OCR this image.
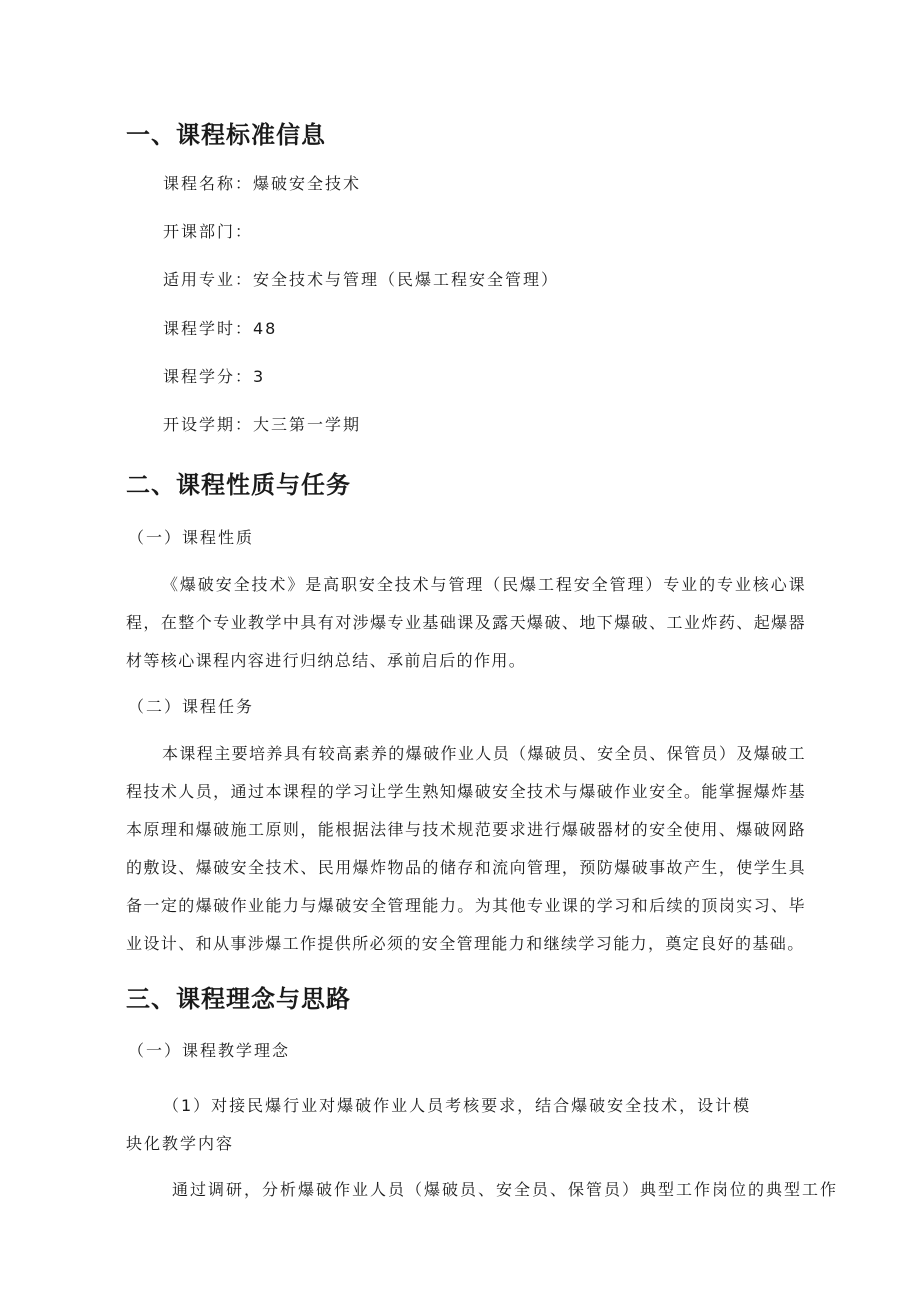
一、课程标准信息

课程名称：爆破安全技术

开课部门：

适用专业：安全技术与管理（民爆工程安全管理）

课程学时：48

课程学分：3

开设学期：大三第一学期

二、课程性质与任务

（一）课程性质

《爆破安全技术》是高职安全技术与管理（民爆工程安全管理）专业的专业核心课程，在整个专业教学中具有对涉爆专业基础课及露天爆破、地下爆破、工业炸药、起爆器材等核心课程内容进行归纳总结、承前启后的作用。

（二）课程任务

本课程主要培养具有较高素养的爆破作业人员（爆破员、安全员、保管员）及爆破工程技术人员，通过本课程的学习让学生熟知爆破安全技术与爆破作业安全。能掌握爆炸基本原理和爆破施工原则，能根据法律与技术规范要求进行爆破器材的安全使用、爆破网路的敷设、爆破安全技术、民用爆炸物品的储存和流向管理，预防爆破事故产生，使学生具备一定的爆破作业能力与爆破安全管理能力。为其他专业课的学习和后续的顶岗实习、毕业设计、和从事涉爆工作提供所必须的安全管理能力和继续学习能力，奠定良好的基础。

三、课程理念与思路

（一）课程教学理念

（1）对接民爆行业对爆破作业人员考核要求，结合爆破安全技术，设计模

块化教学内容

通过调研，分析爆破作业人员（爆破员、安全员、保管员）典型工作岗位的典型工作
